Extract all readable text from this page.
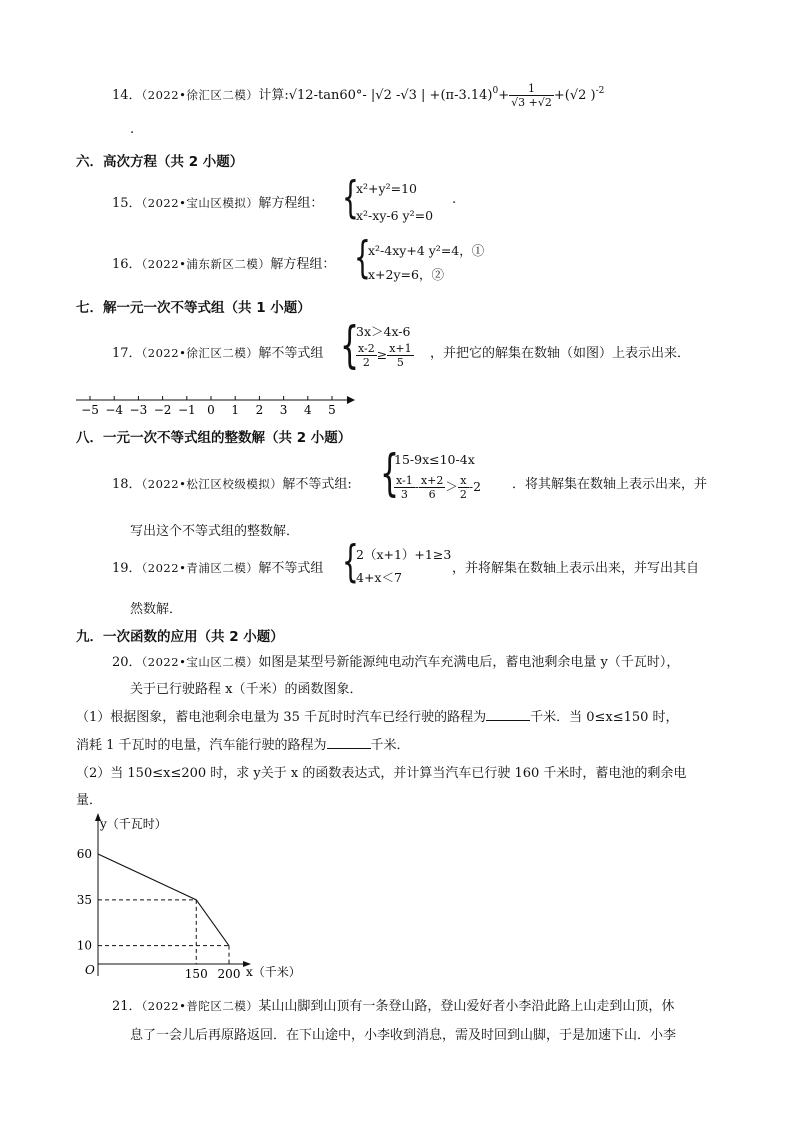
14．（2022•徐汇区二模）计算:√12-tan60°- |√2 -√3 | $+(\pi-3.14)^0+ \frac{1}{√3 +√2} +(√2$ )$^{-2}$
.
六．高次方程（共 2 小题）
15．（2022•宝山区模拟）解方程组： {
x²+y²=10
x²-xy-6 y²=0
.
16．（2022•浦东新区二模）解方程组： {
x²-4xy+4 y²=4，①
x+2y=6，②
七．解一元一次不等式组（共 1 小题）
17．（2022•徐汇区二模）解不等式组 {
3x＞4x-6
$\frac{x-2}{2} \ge \frac{x+1}{5}$ ，并把它的解集在数轴（如图）上表示出来．
−5 −4 −3 −2 −1 0 1 2 3 4 5
八．一元一次不等式组的整数解（共 2 小题）
18．（2022•松江区校级模拟）解不等式组: {
15-9x≤10-4x
$\frac{x-1}{3} - \frac{x+2}{6} > \frac{x}{2} -2$ ．将其解集在数轴上表示出来，并
写出这个不等式组的整数解．
19．（2022•青浦区二模）解不等式组 {
2（x+1）+1≥3
4+x＜7
，并将解集在数轴上表示出来，并写出其自
然数解．
九．一次函数的应用（共 2 小题）
20．（2022•宝山区二模）如图是某型号新能源纯电动汽车充满电后，蓄电池剩余电量 y（千瓦时），
关于已行驶路程 x（千米）的函数图象．
（1）根据图象，蓄电池剩余电量为 35 千瓦时时汽车已经行驶的路程为	千米．当 0≤x≤150 时，
消耗 1 千瓦时的电量，汽车能行驶的路程为	千米．
（2）当 150≤x≤200 时，求 y关于 x 的函数表达式，并计算当汽车已行驶 160 千米时，蓄电池的剩余电
量．
y（千瓦时）
x（千米）
O
60
35
10
150 200
21．（2022•普陀区二模）某山山脚到山顶有一条登山路，登山爱好者小李沿此路上山走到山顶，休
息了一会儿后再原路返回．在下山途中，小李收到消息，需及时回到山脚，于是加速下山．小李
